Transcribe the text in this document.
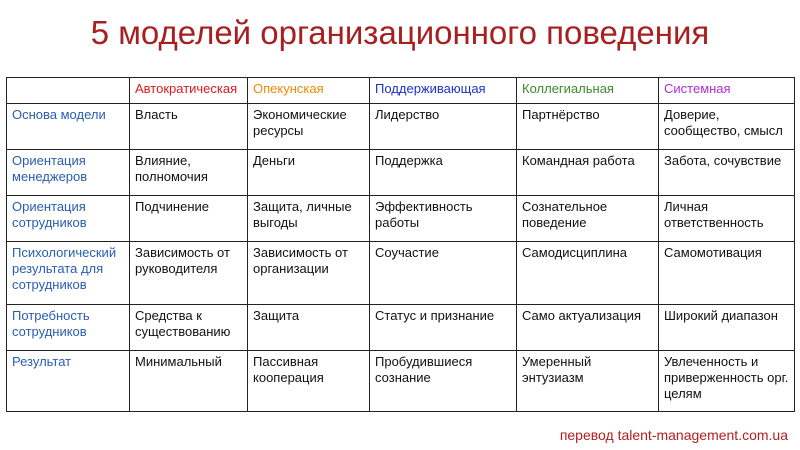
5 моделей организационного поведения
	Автократическая	Опекунская	Поддерживающая	Коллегиальная	Системная
Основа модели	Власть	Экономические ресурсы	Лидерство	Партнёрство	Доверие, сообщество, смысл
Ориентация менеджеров	Влияние, полномочия	Деньги	Поддержка	Командная работа	Забота, сочувствие
Ориентация сотрудников	Подчинение	Защита, личные выгоды	Эффективность работы	Сознательное поведение	Личная ответственность
Психологический результата для сотрудников	Зависимость от руководителя	Зависимость от организации	Соучастие	Самодисциплина	Самомотивация
Потребность сотрудников	Средства к существованию	Защита	Статус и признание	Само актуализация	Широкий диапазон
Результат	Минимальный	Пассивная кооперация	Пробудившиеся сознание	Умеренный энтузиазм	Увлеченность и приверженность орг. целям
перевод talent-management.com.ua
